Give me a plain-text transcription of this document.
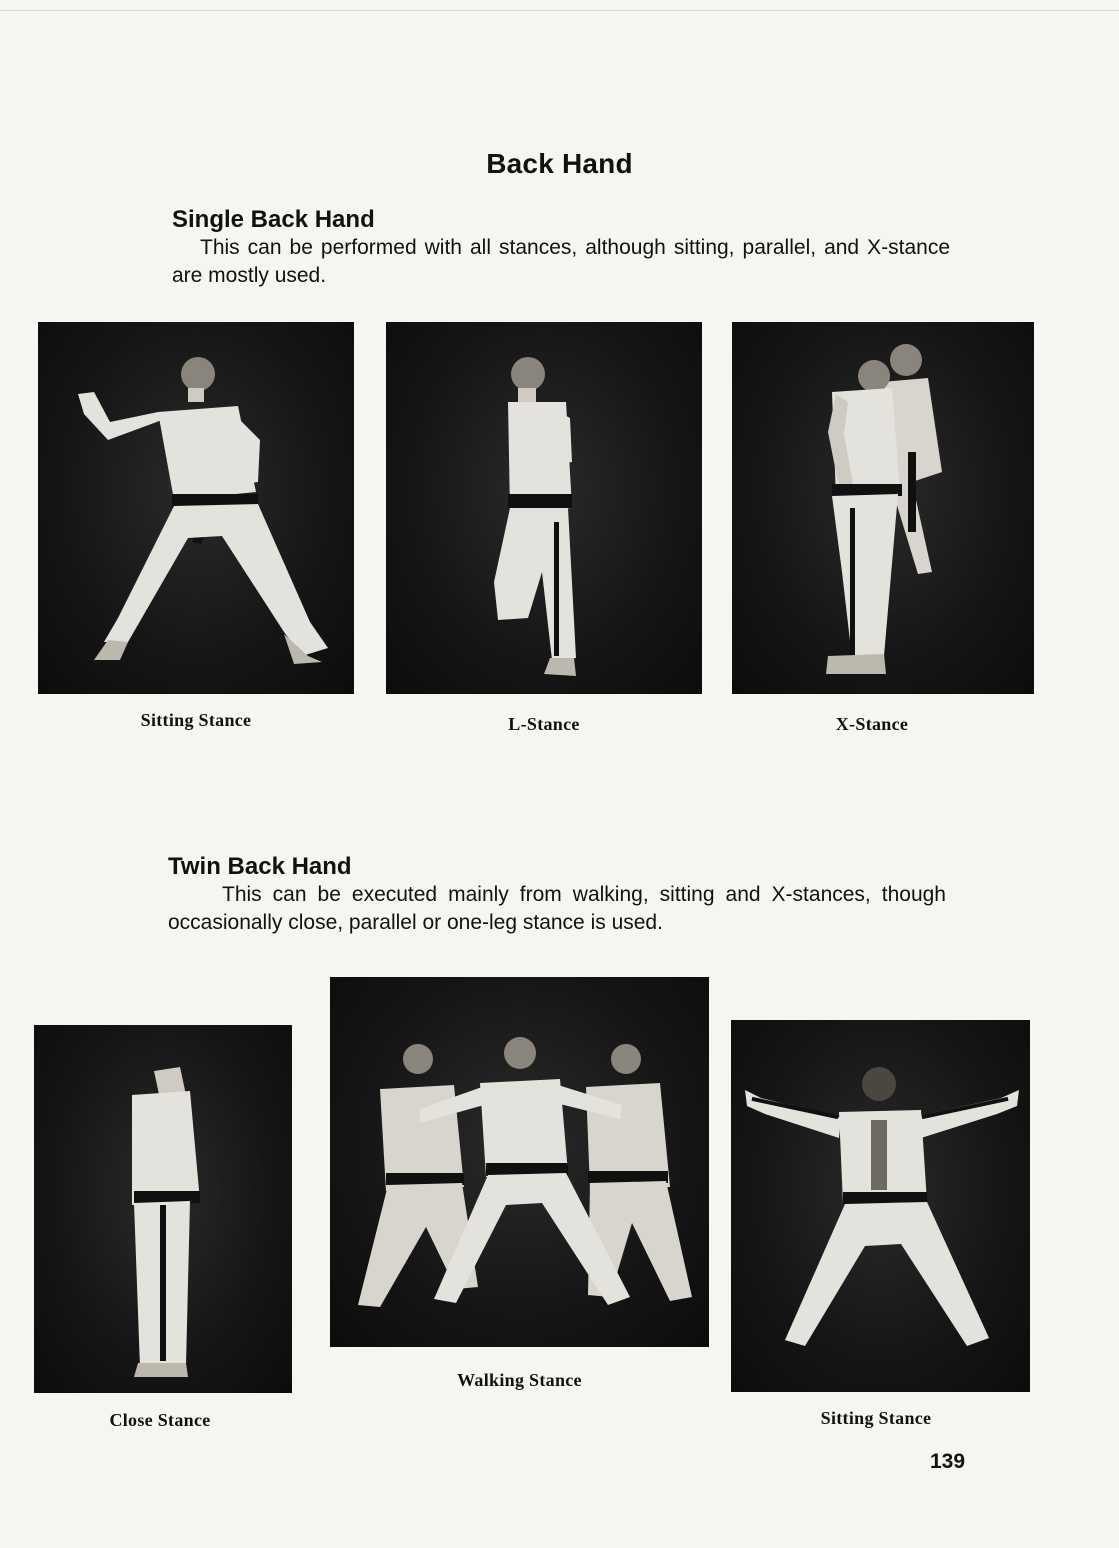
Back Hand
Single Back Hand

This can be performed with all stances, although sitting, parallel, and X-stance are mostly used.

Sitting Stance	L-Stance	X-Stance
Twin Back Hand

This can be executed mainly from walking, sitting and X-stances, though occasionally close, parallel or one-leg stance is used.

Close Stance
Walking Stance
Sitting Stance
139
